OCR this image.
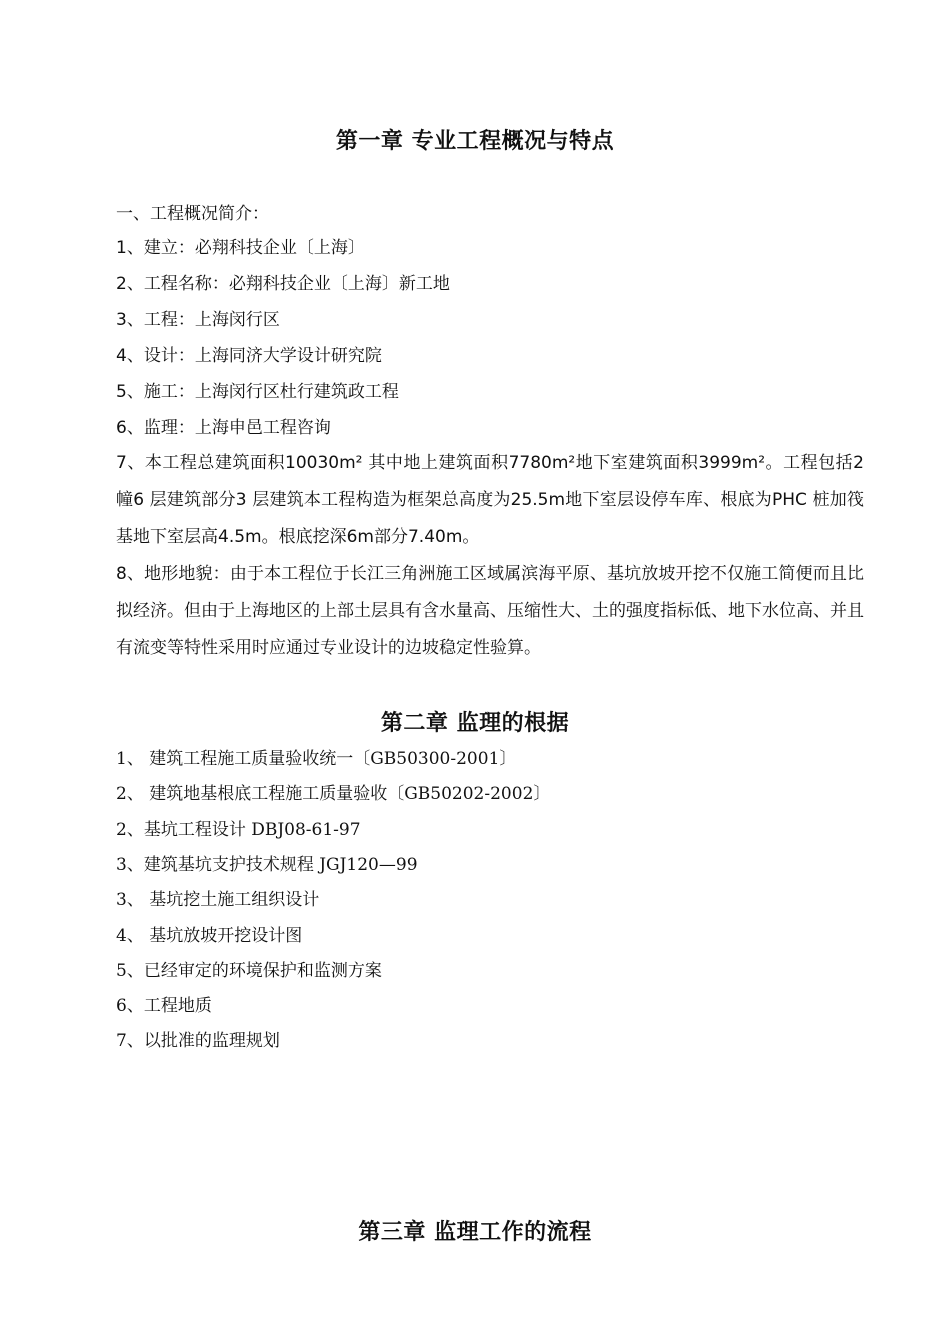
第一章 专业工程概况与特点
一、工程概况简介：
1、建立：必翔科技企业〔上海〕
2、工程名称：必翔科技企业〔上海〕新工地
3、工程：上海闵行区
4、设计：上海同济大学设计研究院
5、施工：上海闵行区杜行建筑政工程
6、监理：上海申邑工程咨询
7、本工程总建筑面积10030m² 其中地上建筑面积7780m²地下室建筑面积3999m²。工程包括2 幢6 层建筑部分3 层建筑本工程构造为框架总高度为25.5m地下室层设停车库、根底为PHC 桩加筏基地下室层高4.5m。根底挖深6m部分7.40m。
8、地形地貌：由于本工程位于长江三角洲施工区域属滨海平原、基坑放坡开挖不仅施工简便而且比拟经济。但由于上海地区的上部土层具有含水量高、压缩性大、土的强度指标低、地下水位高、并且有流变等特性采用时应通过专业设计的边坡稳定性验算。
第二章 监理的根据
1、 建筑工程施工质量验收统一〔GB50300-2001〕
2、 建筑地基根底工程施工质量验收〔GB50202-2002〕
2、基坑工程设计 DBJ08-61-97
3、建筑基坑支护技术规程 JGJ120—99
3、 基坑挖土施工组织设计
4、 基坑放坡开挖设计图
5、已经审定的环境保护和监测方案
6、工程地质
7、以批准的监理规划
第三章 监理工作的流程
